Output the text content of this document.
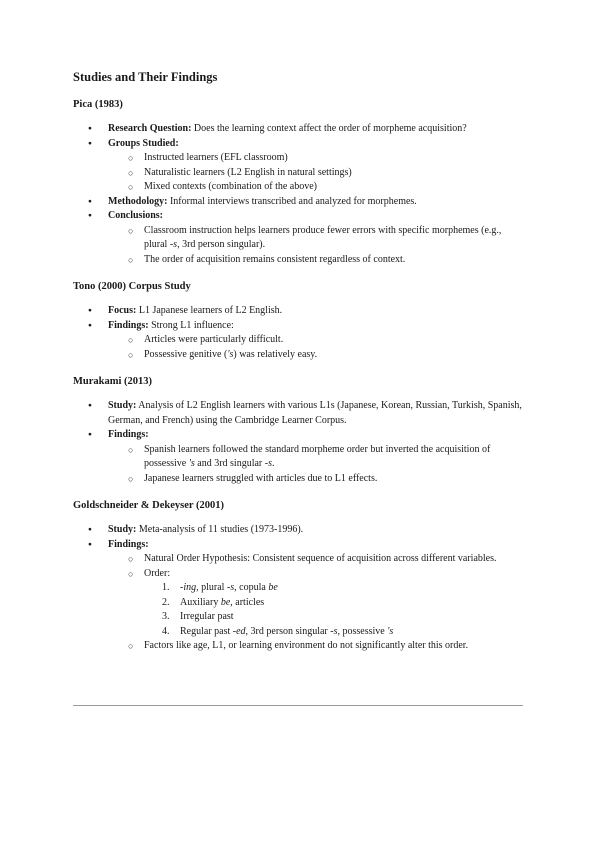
Studies and Their Findings
Pica (1983)
● Research Question: Does the learning context affect the order of morpheme acquisition?
● Groups Studied:
○ Instructed learners (EFL classroom)
○ Naturalistic learners (L2 English in natural settings)
○ Mixed contexts (combination of the above)
● Methodology: Informal interviews transcribed and analyzed for morphemes.
● Conclusions:
○ Classroom instruction helps learners produce fewer errors with specific morphemes (e.g., plural -s, 3rd person singular).
○ The order of acquisition remains consistent regardless of context.
Tono (2000) Corpus Study
● Focus: L1 Japanese learners of L2 English.
● Findings: Strong L1 influence:
○ Articles were particularly difficult.
○ Possessive genitive ('s) was relatively easy.
Murakami (2013)
● Study: Analysis of L2 English learners with various L1s (Japanese, Korean, Russian, Turkish, Spanish, German, and French) using the Cambridge Learner Corpus.
● Findings:
○ Spanish learners followed the standard morpheme order but inverted the acquisition of possessive 's and 3rd singular -s.
○ Japanese learners struggled with articles due to L1 effects.
Goldschneider & Dekeyser (2001)
● Study: Meta-analysis of 11 studies (1973-1996).
● Findings:
○ Natural Order Hypothesis: Consistent sequence of acquisition across different variables.
○ Order:
1. -ing, plural -s, copula be
2. Auxiliary be, articles
3. Irregular past
4. Regular past -ed, 3rd person singular -s, possessive 's
○ Factors like age, L1, or learning environment do not significantly alter this order.
